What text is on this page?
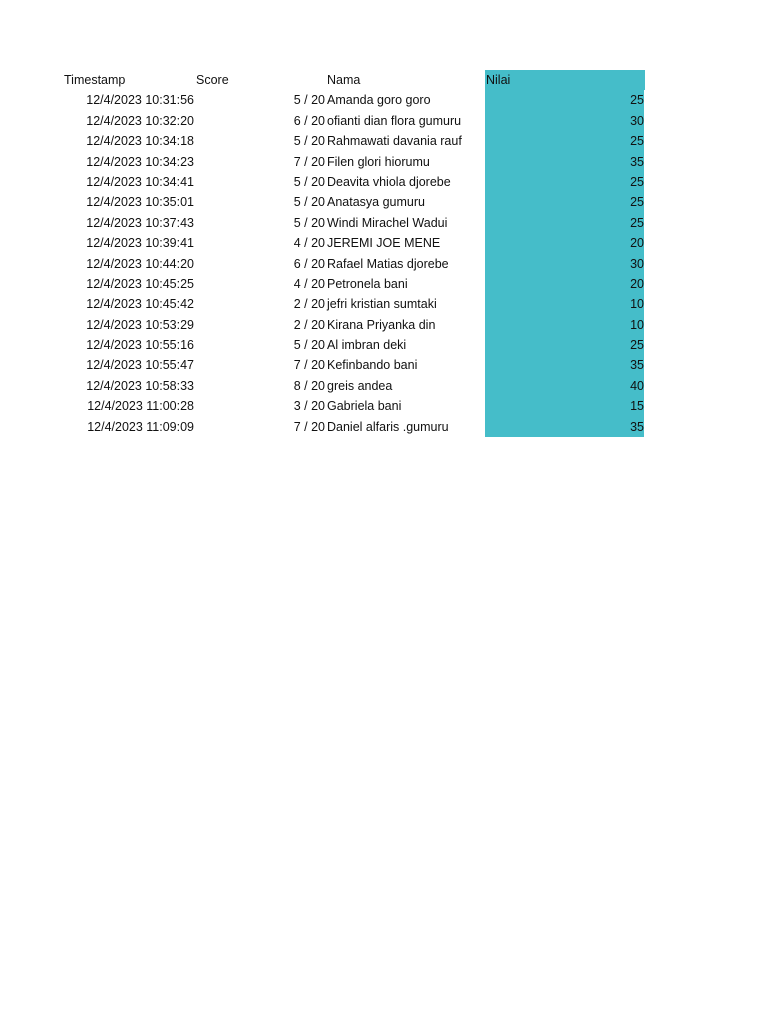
Timestamp	Score	Nama	Nilai
12/4/2023 10:31:56	5 / 20 Amanda goro goro	25
12/4/2023 10:32:20	6 / 20 ofianti dian flora gumuru	30
12/4/2023 10:34:18	5 / 20 Rahmawati davania rauf	25
12/4/2023 10:34:23	7 / 20 Filen glori hiorumu	35
12/4/2023 10:34:41	5 / 20 Deavita vhiola djorebe	25
12/4/2023 10:35:01	5 / 20 Anatasya gumuru	25
12/4/2023 10:37:43	5 / 20 Windi Mirachel Wadui	25
12/4/2023 10:39:41	4 / 20 JEREMI JOE MENE	20
12/4/2023 10:44:20	6 / 20 Rafael Matias djorebe	30
12/4/2023 10:45:25	4 / 20 Petronela bani	20
12/4/2023 10:45:42	2 / 20 jefri kristian sumtaki	10
12/4/2023 10:53:29	2 / 20 Kirana Priyanka din	10
12/4/2023 10:55:16	5 / 20 Al imbran deki	25
12/4/2023 10:55:47	7 / 20 Kefinbando bani	35
12/4/2023 10:58:33	8 / 20 greis andea	40
12/4/2023 11:00:28	3 / 20 Gabriela bani	15
12/4/2023 11:09:09	7 / 20 Daniel alfaris .gumuru	35
